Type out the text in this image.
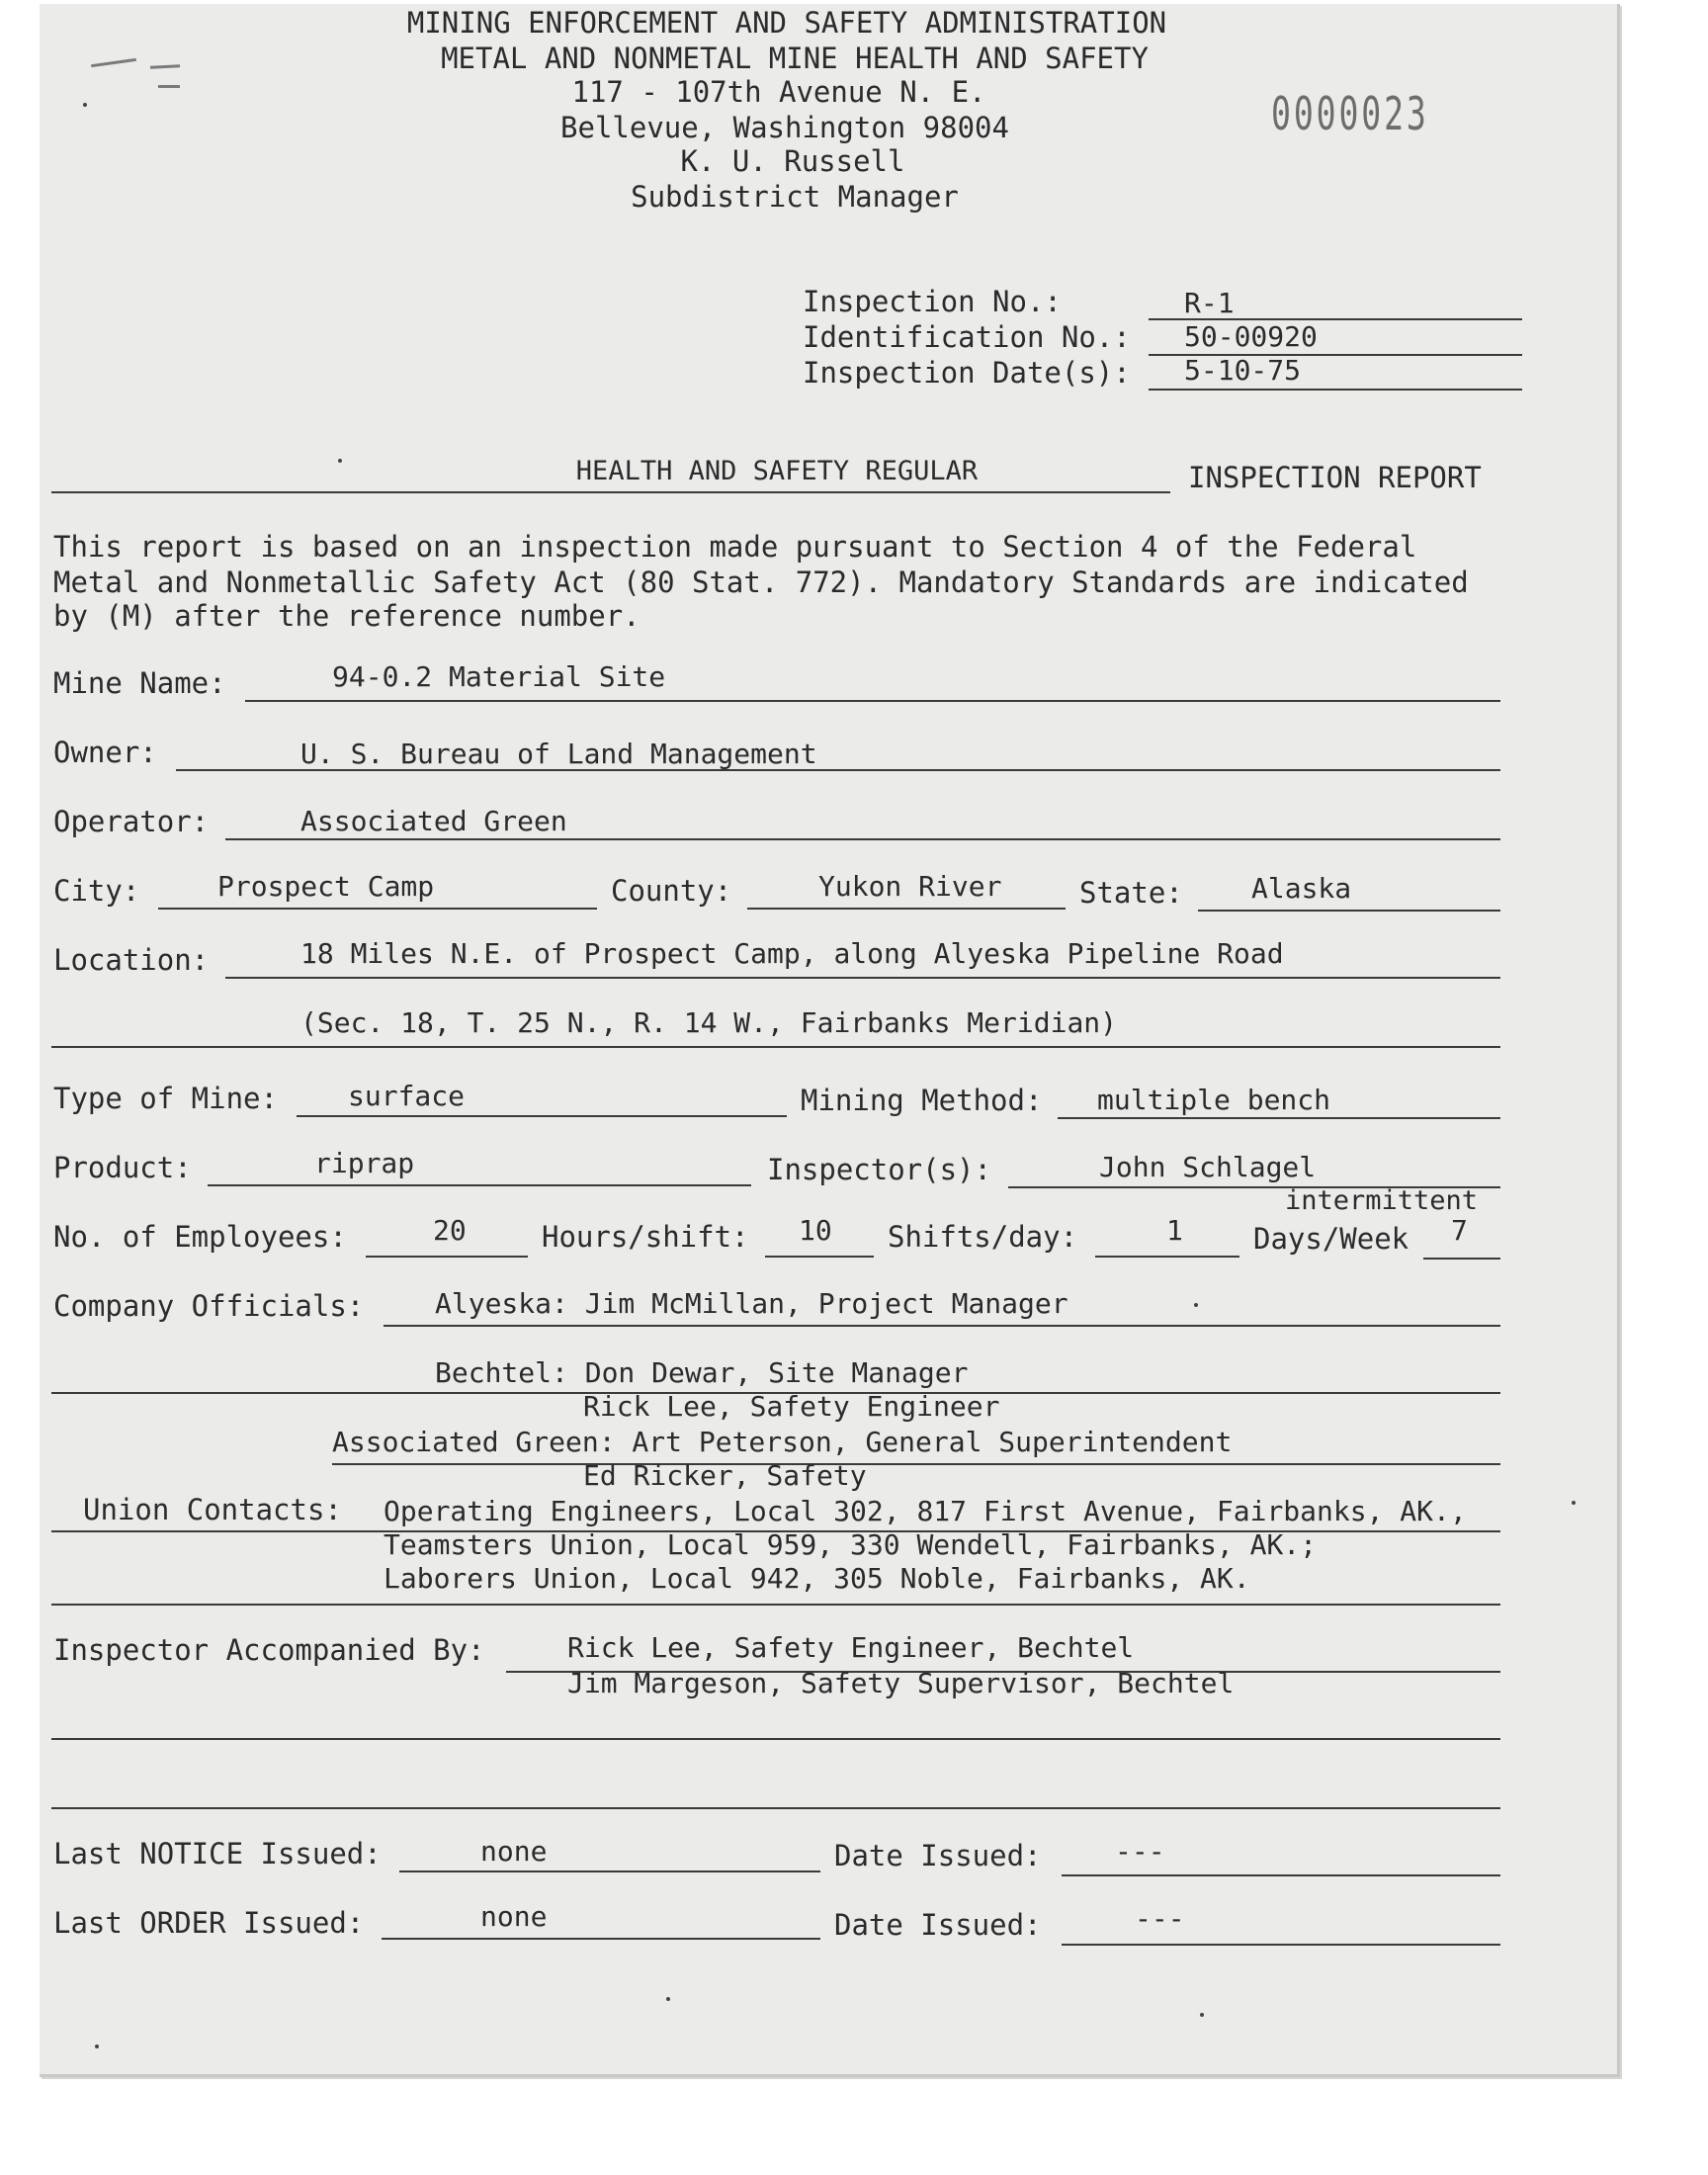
MINING ENFORCEMENT AND SAFETY ADMINISTRATION
METAL AND NONMETAL MINE HEALTH AND SAFETY
117 - 107th Avenue N. E.
Bellevue, Washington 98004
K. U. Russell
Subdistrict Manager
0000023
Inspection No.:	R-1
Identification No.: 50-00920
Inspection Date(s): 5-10-75
HEALTH AND SAFETY REGULAR	INSPECTION REPORT
This report is based on an inspection made pursuant to Section 4 of the Federal
Metal and Nonmetallic Safety Act (80 Stat. 772). Mandatory Standards are indicated
by (M) after the reference number.
Mine Name:	94-0.2 Material Site
Owner:	U. S. Bureau of Land Management
Operator:	Associated Green
City:	Prospect Camp	County:	Yukon River	State: Alaska
Location:	18 Miles N.E. of Prospect Camp, along Alyeska Pipeline Road
(Sec. 18, T. 25 N., R. 14 W., Fairbanks Meridian)
Type of Mine:	surface	Mining Method: multiple bench
Product:	riprap	Inspector(s):	John Schlagel
intermittent
No. of Employees:	20	Hours/shift: 10 Shifts/day:	1 Days/Week 7
Company Officials:	Alyeska: Jim McMillan, Project Manager
Bechtel: Don Dewar, Site Manager
Rick Lee, Safety Engineer
Associated Green: Art Peterson, General Superintendent
Ed Ricker, Safety
Union Contacts: Operating Engineers, Local 302, 817 First Avenue, Fairbanks, AK.,
Teamsters Union, Local 959, 330 Wendell, Fairbanks, AK.;
Laborers Union, Local 942, 305 Noble, Fairbanks, AK.
Inspector Accompanied By:	Rick Lee, Safety Engineer, Bechtel
Jim Margeson, Safety Supervisor, Bechtel
Last NOTICE Issued:	none	Date Issued:	---
Last ORDER Issued:	none	Date Issued:	---
